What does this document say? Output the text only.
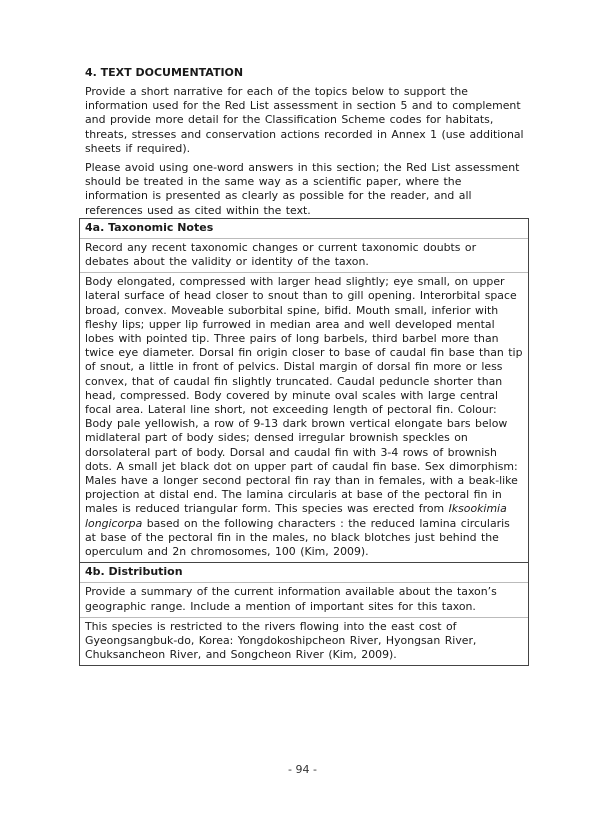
4. TEXT DOCUMENTATION
Provide a short narrative for each of the topics below to support the information used for the Red List assessment in section 5 and to complement and provide more detail for the Classification Scheme codes for habitats, threats, stresses and conservation actions recorded in Annex 1 (use additional sheets if required).
Please avoid using one-word answers in this section; the Red List assessment should be treated in the same way as a scientific paper, where the information is presented as clearly as possible for the reader, and all references used as cited within the text.
4a. Taxonomic Notes
Record any recent taxonomic changes or current taxonomic doubts or debates about the validity or identity of the taxon.
Body elongated, compressed with larger head slightly; eye small, on upper lateral surface of head closer to snout than to gill opening. Interorbital space broad, convex. Moveable suborbital spine, bifid. Mouth small, inferior with fleshy lips; upper lip furrowed in median area and well developed mental lobes with pointed tip. Three pairs of long barbels, third barbel more than twice eye diameter. Dorsal fin origin closer to base of caudal fin base than tip of snout, a little in front of pelvics. Distal margin of dorsal fin more or less convex, that of caudal fin slightly truncated. Caudal peduncle shorter than head, compressed. Body covered by minute oval scales with large central focal area. Lateral line short, not exceeding length of pectoral fin. Colour: Body pale yellowish, a row of 9-13 dark brown vertical elongate bars below midlateral part of body sides; densed irregular brownish speckles on dorsolateral part of body. Dorsal and caudal fin with 3-4 rows of brownish dots. A small jet black dot on upper part of caudal fin base. Sex dimorphism: Males have a longer second pectoral fin ray than in females, with a beak-like projection at distal end. The lamina circularis at base of the pectoral fin in males is reduced triangular form. This species was erected from Iksookimia longicorpa based on the following characters : the reduced lamina circularis at base of the pectoral fin in the males, no black blotches just behind the operculum and 2n chromosomes, 100 (Kim, 2009).
4b. Distribution
Provide a summary of the current information available about the taxon’s geographic range. Include a mention of important sites for this taxon.
This species is restricted to the rivers flowing into the east cost of Gyeongsangbuk-do, Korea: Yongdokoshipcheon River, Hyongsan River, Chuksancheon River, and Songcheon River (Kim, 2009).
- 94 -
